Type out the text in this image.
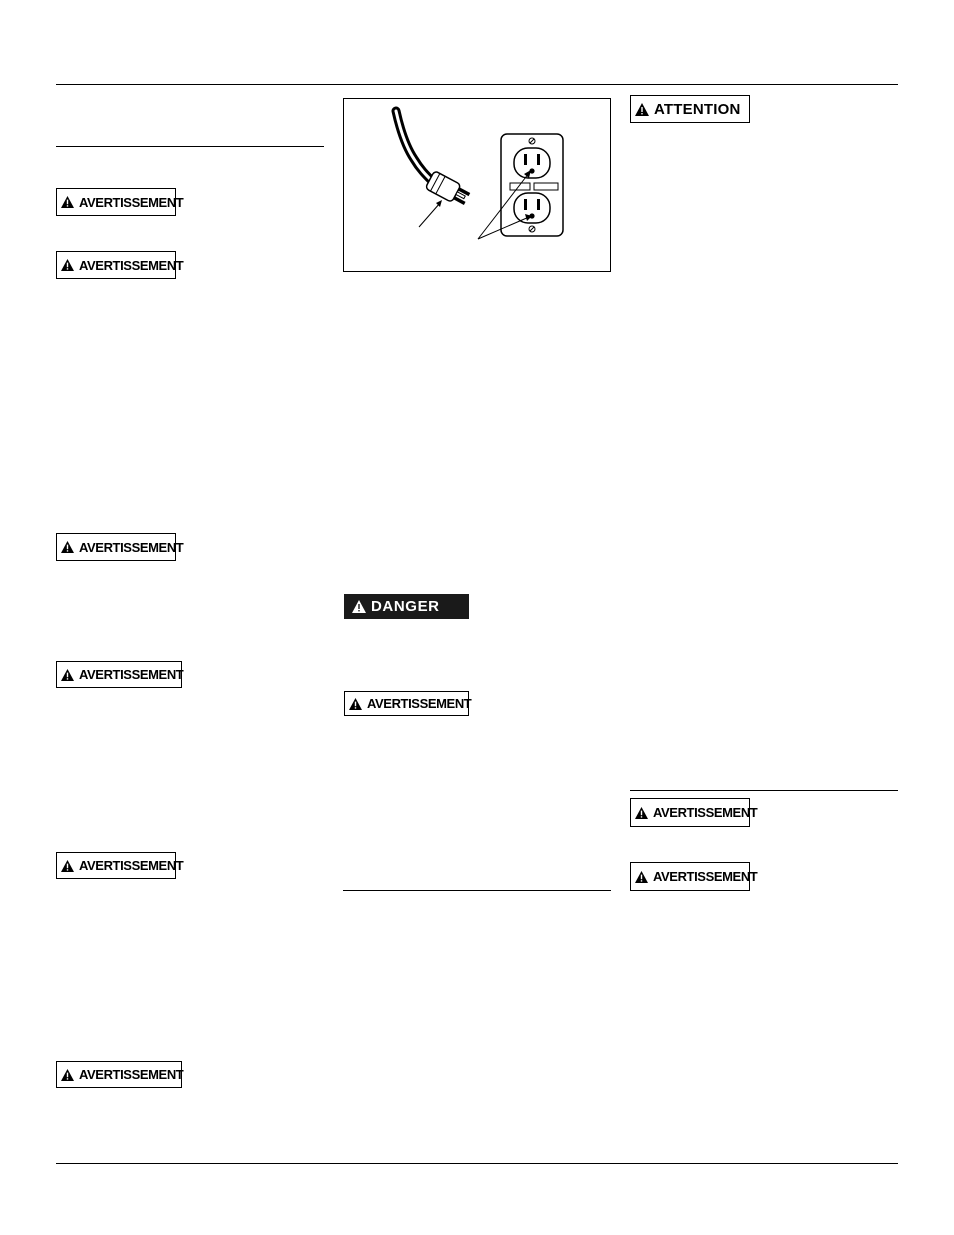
AVERTISSEMENT
AVERTISSEMENT
AVERTISSEMENT
AVERTISSEMENT
AVERTISSEMENT
AVERTISSEMENT
DANGER
AVERTISSEMENT
ATTENTION
AVERTISSEMENT
AVERTISSEMENT
